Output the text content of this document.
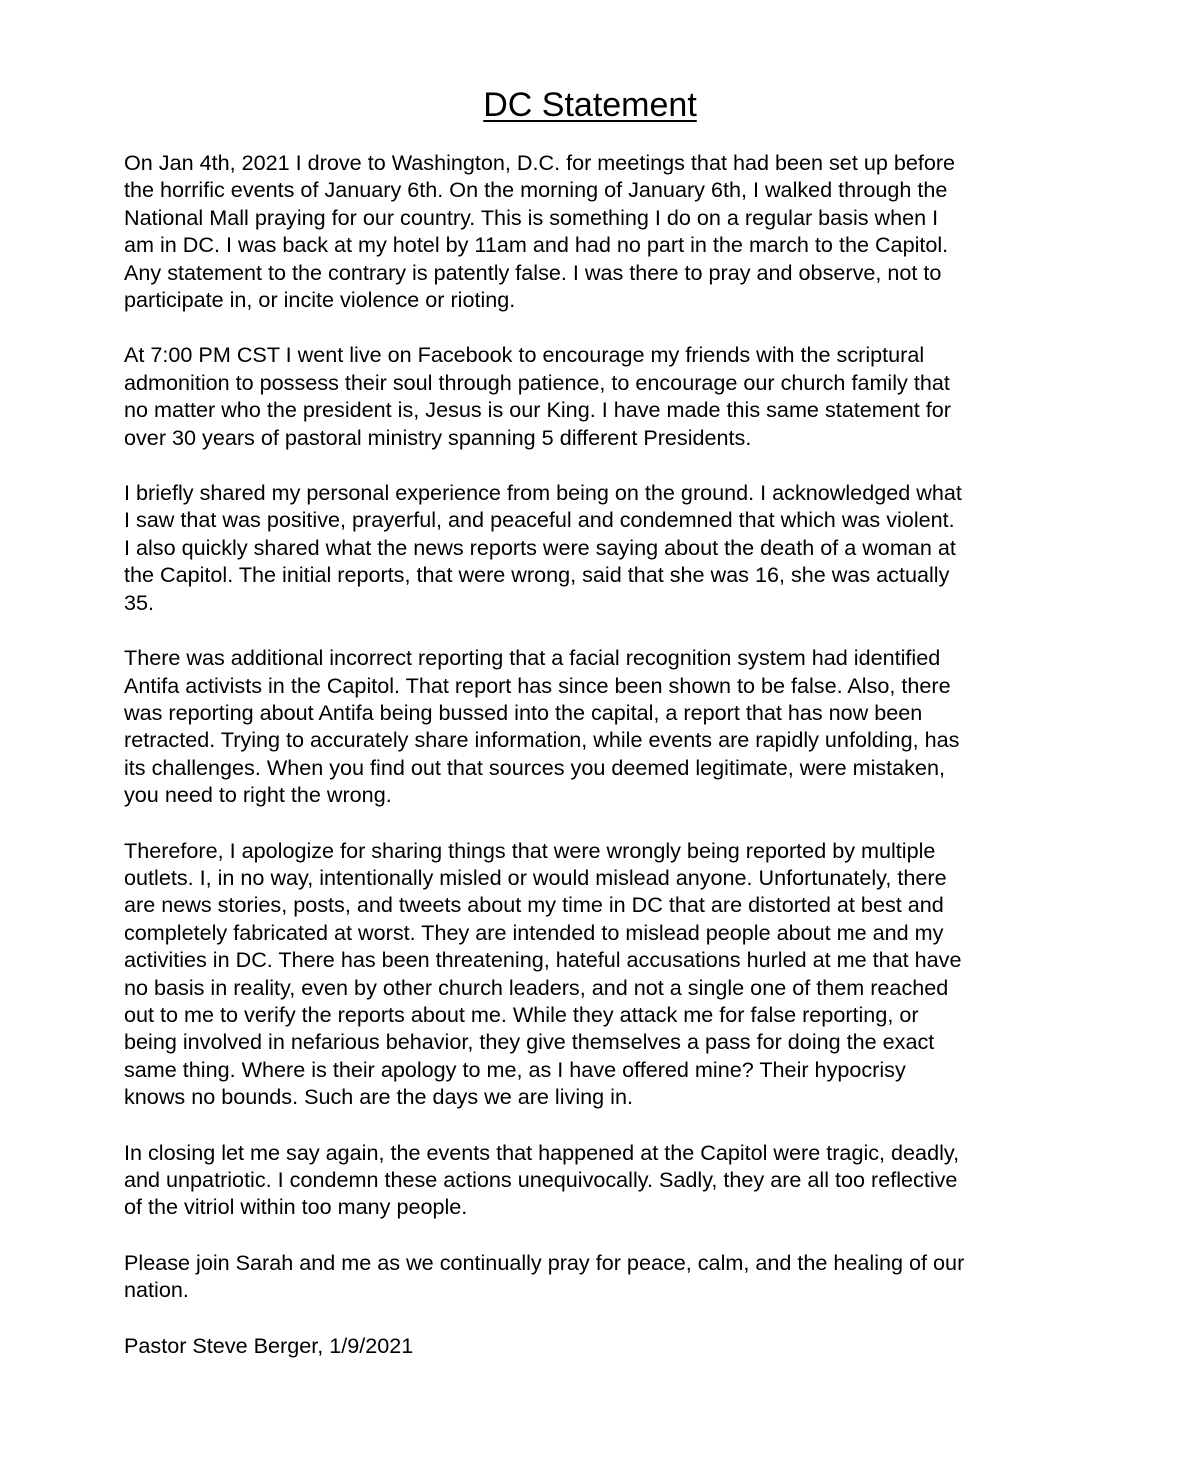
DC Statement

On Jan 4th, 2021 I drove to Washington, D.C. for meetings that had been set up before
the horrific events of January 6th. On the morning of January 6th, I walked through the
National Mall praying for our country. This is something I do on a regular basis when I
am in DC. I was back at my hotel by 11am and had no part in the march to the Capitol.
Any statement to the contrary is patently false. I was there to pray and observe, not to
participate in, or incite violence or rioting.

At 7:00 PM CST I went live on Facebook to encourage my friends with the scriptural
admonition to possess their soul through patience, to encourage our church family that
no matter who the president is, Jesus is our King. I have made this same statement for
over 30 years of pastoral ministry spanning 5 different Presidents.

I briefly shared my personal experience from being on the ground. I acknowledged what
I saw that was positive, prayerful, and peaceful and condemned that which was violent.
I also quickly shared what the news reports were saying about the death of a woman at
the Capitol. The initial reports, that were wrong, said that she was 16, she was actually
35.

There was additional incorrect reporting that a facial recognition system had identified
Antifa activists in the Capitol. That report has since been shown to be false. Also, there
was reporting about Antifa being bussed into the capital, a report that has now been
retracted. Trying to accurately share information, while events are rapidly unfolding, has
its challenges. When you find out that sources you deemed legitimate, were mistaken,
you need to right the wrong.

Therefore, I apologize for sharing things that were wrongly being reported by multiple
outlets. I, in no way, intentionally misled or would mislead anyone. Unfortunately, there
are news stories, posts, and tweets about my time in DC that are distorted at best and
completely fabricated at worst. They are intended to mislead people about me and my
activities in DC. There has been threatening, hateful accusations hurled at me that have
no basis in reality, even by other church leaders, and not a single one of them reached
out to me to verify the reports about me. While they attack me for false reporting, or
being involved in nefarious behavior, they give themselves a pass for doing the exact
same thing. Where is their apology to me, as I have offered mine? Their hypocrisy
knows no bounds. Such are the days we are living in.

In closing let me say again, the events that happened at the Capitol were tragic, deadly,
and unpatriotic. I condemn these actions unequivocally. Sadly, they are all too reflective
of the vitriol within too many people.

Please join Sarah and me as we continually pray for peace, calm, and the healing of our
nation.

Pastor Steve Berger, 1/9/2021
